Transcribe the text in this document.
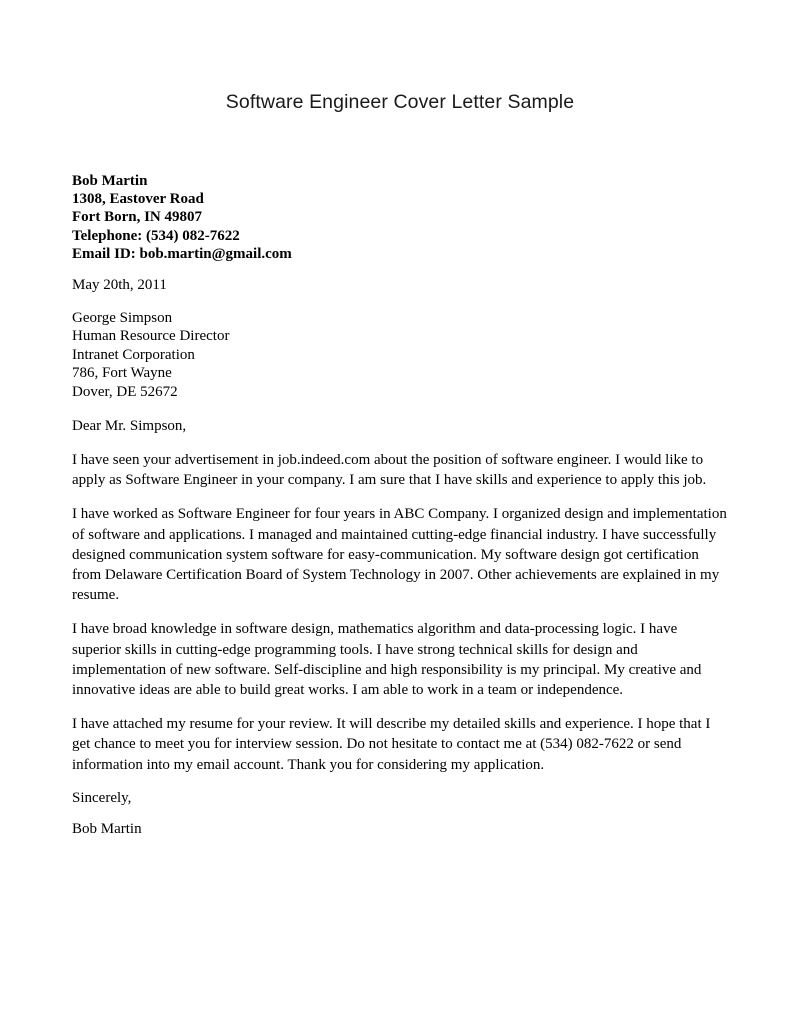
Software Engineer Cover Letter Sample
Bob Martin
1308, Eastover Road
Fort Born, IN 49807
Telephone: (534) 082-7622
Email ID: bob.martin@gmail.com
May 20th, 2011
George Simpson
Human Resource Director
Intranet Corporation
786, Fort Wayne
Dover, DE 52672
Dear Mr. Simpson,

I have seen your advertisement in job.indeed.com about the position of software engineer. I would like to apply as Software Engineer in your company. I am sure that I have skills and experience to apply this job.

I have worked as Software Engineer for four years in ABC Company. I organized design and implementation of software and applications. I managed and maintained cutting-edge financial industry. I have successfully designed communication system software for easy-communication. My software design got certification from Delaware Certification Board of System Technology in 2007. Other achievements are explained in my resume.

I have broad knowledge in software design, mathematics algorithm and data-processing logic. I have superior skills in cutting-edge programming tools. I have strong technical skills for design and implementation of new software. Self-discipline and high responsibility is my principal. My creative and innovative ideas are able to build great works. I am able to work in a team or independence.

I have attached my resume for your review. It will describe my detailed skills and experience. I hope that I get chance to meet you for interview session. Do not hesitate to contact me at (534) 082-7622 or send information into my email account. Thank you for considering my application.

Sincerely,
Bob Martin
